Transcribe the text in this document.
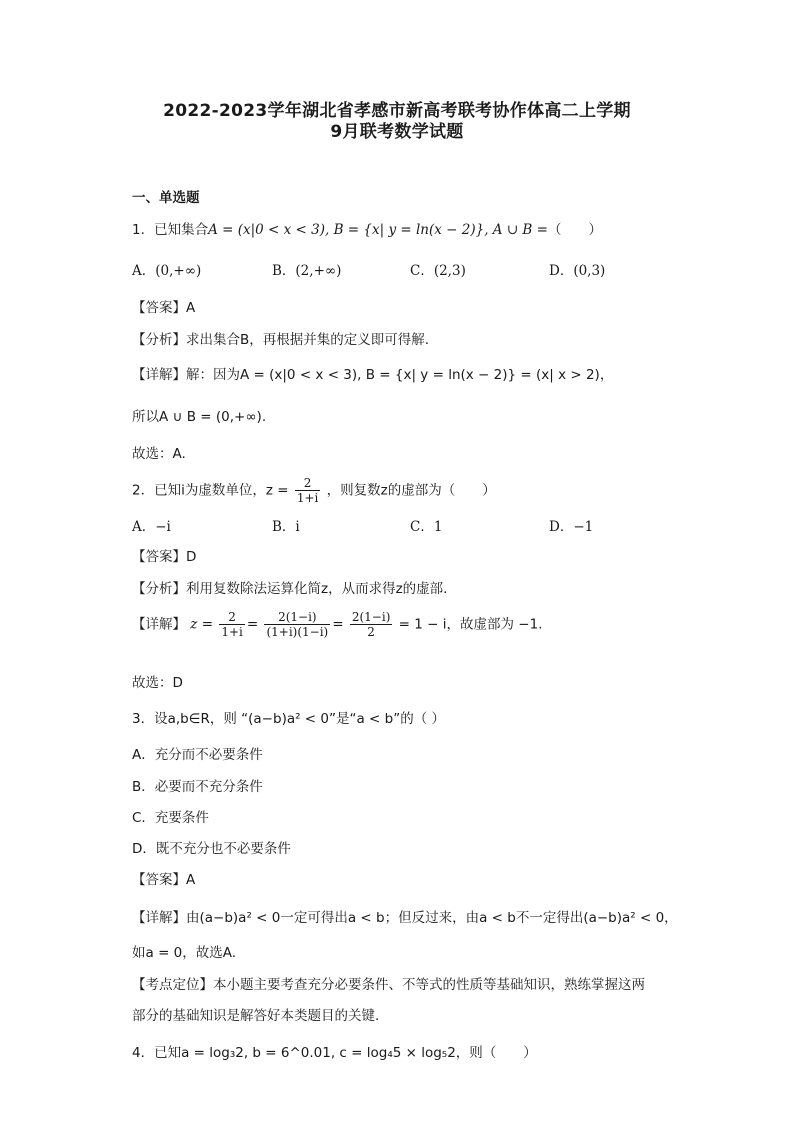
2022-2023学年湖北省孝感市新高考联考协作体高二上学期
9月联考数学试题
一、单选题
1．已知集合A = (x|0 < x < 3), B = {x| y = ln(x − 2)}, A ∪ B =（　　）
A．(0,+∞)	B．(2,+∞)	C．(2,3)	D．(0,3)
【答案】A
【分析】求出集合B，再根据并集的定义即可得解.
【详解】解：因为A = (x|0 < x < 3), B = {x| y = ln(x − 2)} = (x| x > 2)，
所以A ∪ B = (0,+∞).
故选：A.
2．已知i为虚数单位，$z = \frac{2}{1+i}$ ，则复数z的虚部为（　　）
A．−i	B．i	C．1	D．−1
【答案】D
【分析】利用复数除法运算化简z，从而求得z的虚部.
【详解】 $z = \frac{2}{1+i} = \frac{2(1-i)}{(1+i)(1-i)} = \frac{2(1-i)}{2} = 1 - i$，故虚部为 −1.
故选：D
3．设a,b∈R，则 “(a−b)a² < 0”是“a < b”的（ ）
A．充分而不必要条件
B．必要而不充分条件
C．充要条件
D．既不充分也不必要条件
【答案】A
【详解】由(a−b)a² < 0一定可得出a < b；但反过来，由a < b不一定得出(a−b)a² < 0，
如a = 0，故选A.
【考点定位】本小题主要考查充分必要条件、不等式的性质等基础知识，熟练掌握这两
部分的基础知识是解答好本类题目的关键.
4．已知a = log₃2, b = 6^0.01, c = log₄5 × log₅2，则（　　）
